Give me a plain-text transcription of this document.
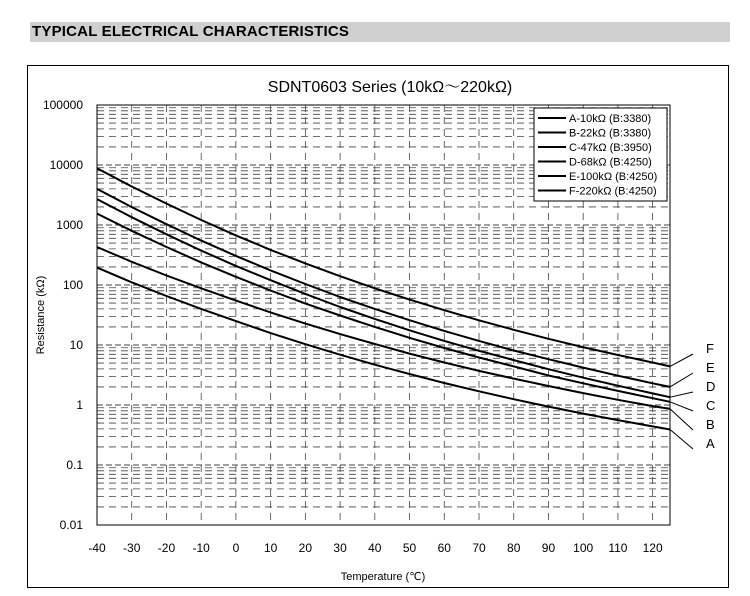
TYPICAL ELECTRICAL CHARACTERISTICS
0.01
0.1
1
10
100
1000
10000
100000
-40 -30 -20 -10 0 10 20 30 40 50 60 70 80 90 100 110 120
A-10kΩ (B:3380)
B-22kΩ (B:3380)
C-47kΩ (B:3950)
D-68kΩ (B:4250)
E-100kΩ (B:4250)
F-220kΩ (B:4250)
F
E
D
C
B
A
SDNT0603 Series (10kΩ～220kΩ)
Temperature (℃)
Resistance (kΩ)
